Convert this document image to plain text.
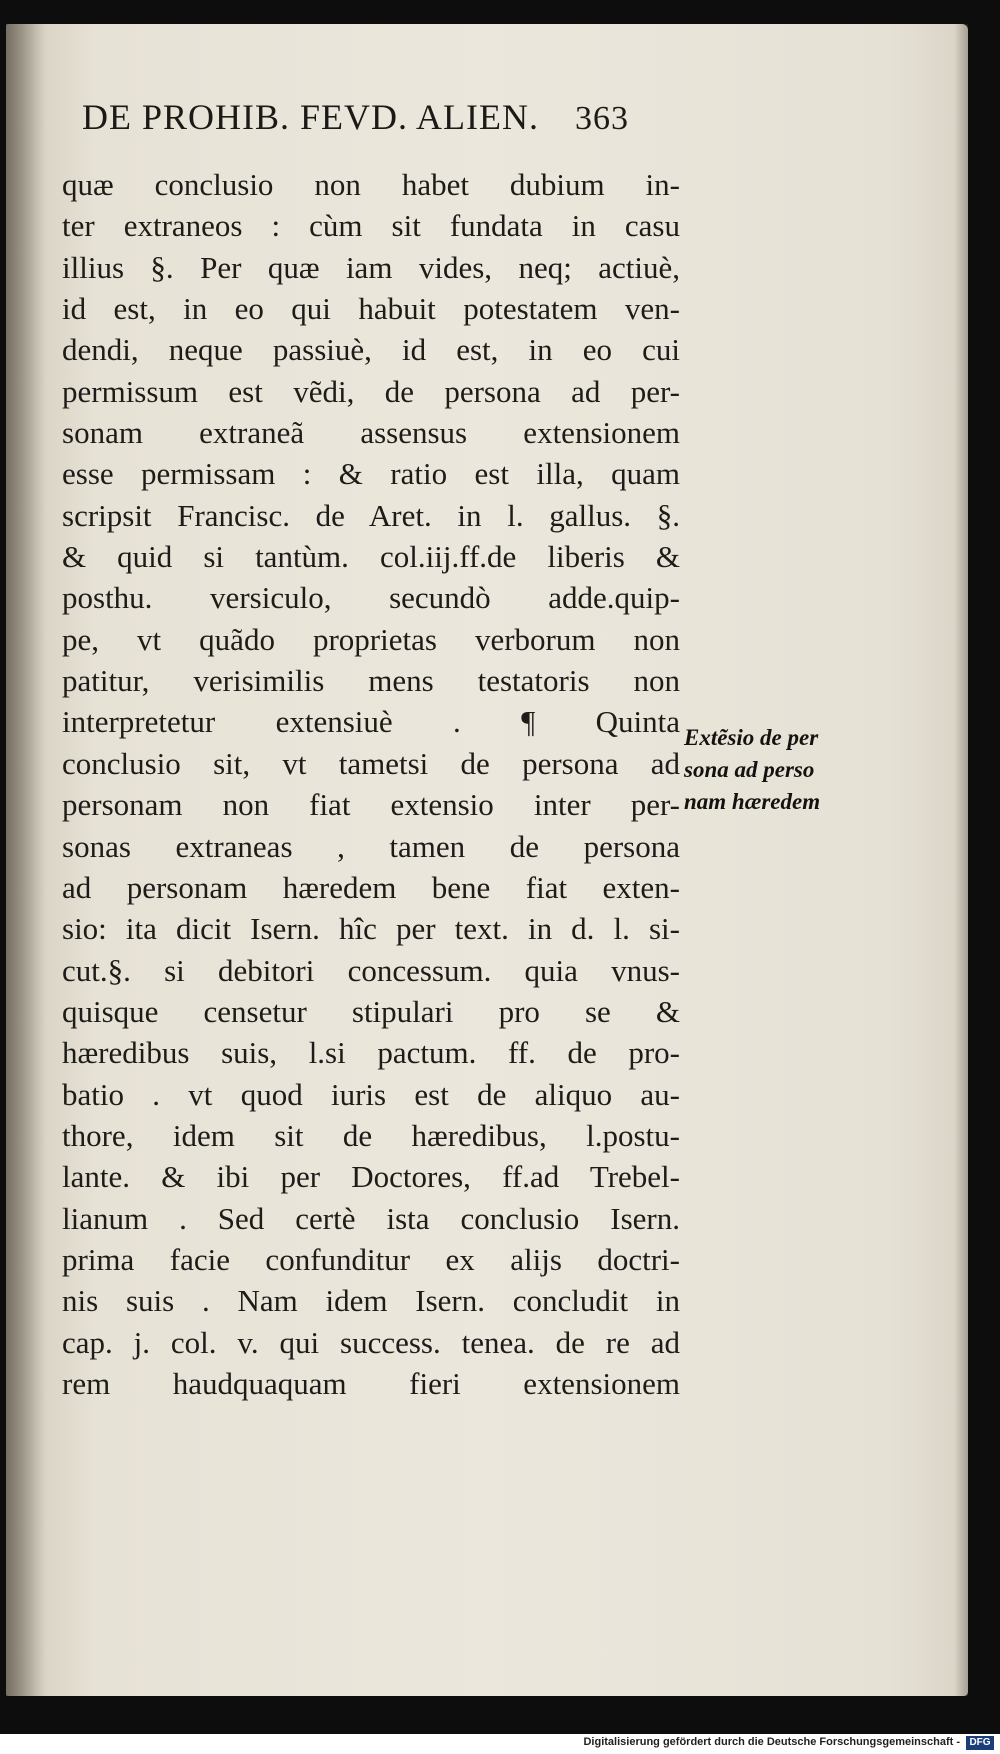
DE PROHIB. FEVD. ALIEN. 363
quæ conclusio non habet dubium in-
ter extraneos : cùm sit fundata in casu
illius §. Per quæ iam vides, neq; actiuè,
id est, in eo qui habuit potestatem ven-
dendi, neque passiuè, id est, in eo cui
permissum est vẽdi, de persona ad per-
sonam extraneã assensus extensionem
esse permissam : & ratio est illa, quam
scripsit Francisc. de Aret. in l. gallus. §.
& quid si tantùm. col.iij.ff.de liberis &
posthu. versiculo, secundò adde.quip-
pe, vt quãdo proprietas verborum non
patitur, verisimilis mens testatoris non
interpretetur extensiuè . ¶ Quinta
conclusio sit, vt tametsi de persona ad
personam non fiat extensio inter per-
sonas extraneas , tamen de persona
ad personam hæredem bene fiat exten-
sio: ita dicit Isern. hîc per text. in d. l. si-
cut.§. si debitori concessum. quia vnus-
quisque censetur stipulari pro se &
hæredibus suis, l.si pactum. ff. de pro-
batio . vt quod iuris est de aliquo au-
thore, idem sit de hæredibus, l.postu-
lante. & ibi per Doctores, ff.ad Trebel-
lianum . Sed certè ista conclusio Isern.
prima facie confunditur ex alijs doctri-
nis suis . Nam idem Isern. concludit in
cap. j. col. v. qui success. tenea. de re ad
rem haudquaquam fieri extensionem
Extẽsio de per
sona ad perso
nam hæredem
Digitalisierung gefördert durch die Deutsche Forschungsgemeinschaft - DFG
